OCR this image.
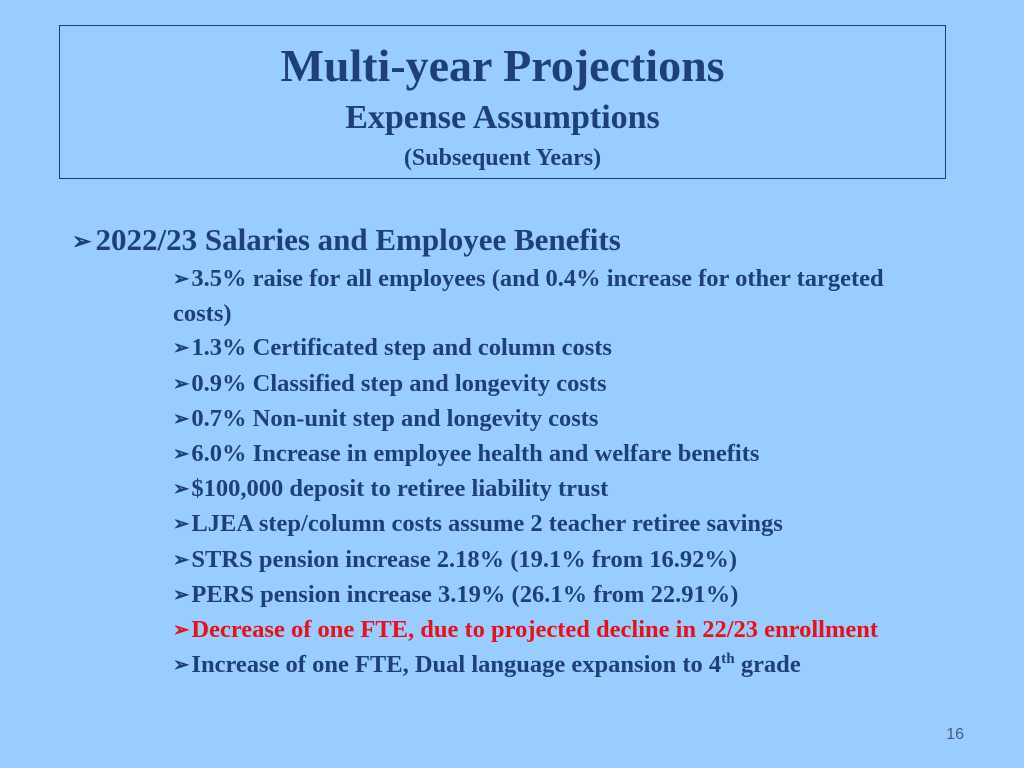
Multi-year Projections
Expense Assumptions
(Subsequent Years)
➢ 2022/23 Salaries and Employee Benefits
➢3.5% raise for all employees (and 0.4% increase for other targeted costs)
➢1.3% Certificated step and column costs
➢0.9% Classified step and longevity costs
➢0.7% Non-unit step and longevity costs
➢6.0% Increase in employee health and welfare benefits
➢$100,000 deposit to retiree liability trust
➢LJEA step/column costs assume 2 teacher retiree savings
➢STRS pension increase 2.18% (19.1% from 16.92%)
➢PERS pension increase 3.19% (26.1% from 22.91%)
➢Decrease of one FTE, due to projected decline in 22/23 enrollment
➢Increase of one FTE, Dual language expansion to 4th grade
16
